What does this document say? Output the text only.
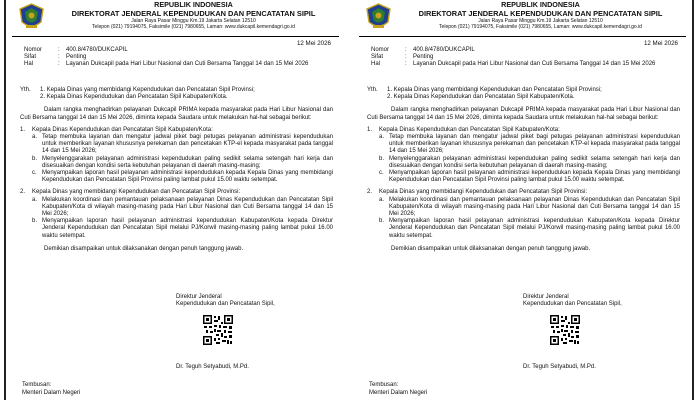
REPUBLIK INDONESIA
DIREKTORAT JENDERAL KEPENDUDUKAN DAN PENCATATAN SIPIL
Jalan Raya Pasar Minggu Km.19 Jakarta Selatan 12510
Telepon (021) 79194075, Faksimile (021) 7980655, Laman: www.dukcapil.kemendagri.go.id
12 Mei 2026
Nomor	:	400.8/4780/DUKCAPIL
Sifat	:	Penting
Hal	:	Layanan Dukcapil pada Hari Libur Nasional dan Cuti Bersama Tanggal 14 dan 15 Mei 2026
Yth.	1. Kepala Dinas yang membidangi Kependudukan dan Pencatatan Sipil Provinsi;
2. Kepala Dinas Kependudukan dan Pencatatan Sipil Kabupaten/Kota.
Dalam rangka menghadirkan pelayanan Dukcapil PRIMA kepada masyarakat pada Hari Libur Nasional dan Cuti Bersama tanggal 14 dan 15 Mei 2026, diminta kepada Saudara untuk melakukan hal-hal sebagai berikut:
1.	Kepala Dinas Kependudukan dan Pencatatan Sipil Kabupaten/Kota:
a. Tetap membuka layanan dan mengatur jadwal piket bagi petugas pelayanan administrasi kependudukan untuk memberikan layanan khususnya perekaman dan pencetakan KTP-el kepada masyarakat pada tanggal 14 dan 15 Mei 2026;
b. Menyelenggarakan pelayanan administrasi kependudukan paling sedikit selama setengah hari kerja dan disesuaikan dengan kondisi serta kebutuhan pelayanan di daerah masing-masing;
c. Menyampaikan laporan hasil pelayanan administrasi kependudukan kepada Kepala Dinas yang membidangi Kependudukan dan Pencatatan Sipil Provinsi paling lambat pukul 15.00 waktu setempat.
2.	Kepala Dinas yang membidangi Kependudukan dan Pencatatan Sipil Provinsi:
a. Melakukan koordinasi dan pemantauan pelaksanaan pelayanan Dinas Kependudukan dan Pencatatan Sipil Kabupaten/Kota di wilayah masing-masing pada Hari Libur Nasional dan Cuti Bersama tanggal 14 dan 15 Mei 2026;
b. Menyampaikan laporan hasil pelayanan administrasi kependudukan Kabupaten/Kota kepada Direktur Jenderal Kependudukan dan Pencatatan Sipil melalui PJ/Korwil masing-masing paling lambat pukul 16.00 waktu setempat.
Demikian disampaikan untuk dilaksanakan dengan penuh tanggung jawab.
Direktur Jenderal
Kependudukan dan Pencatatan Sipil,
Dr. Teguh Setyabudi, M.Pd.
Tembusan:
Menteri Dalam Negeri
REPUBLIK INDONESIA
DIREKTORAT JENDERAL KEPENDUDUKAN DAN PENCATATAN SIPIL
Jalan Raya Pasar Minggu Km.19 Jakarta Selatan 12510
Telepon (021) 79194075, Faksimile (021) 7980655, Laman: www.dukcapil.kemendagri.go.id
12 Mei 2026
Nomor	:	400.8/4780/DUKCAPIL
Sifat	:	Penting
Hal	:	Layanan Dukcapil pada Hari Libur Nasional dan Cuti Bersama Tanggal 14 dan 15 Mei 2026
Yth.	1. Kepala Dinas yang membidangi Kependudukan dan Pencatatan Sipil Provinsi;
2. Kepala Dinas Kependudukan dan Pencatatan Sipil Kabupaten/Kota.
Dalam rangka menghadirkan pelayanan Dukcapil PRIMA kepada masyarakat pada Hari Libur Nasional dan Cuti Bersama tanggal 14 dan 15 Mei 2026, diminta kepada Saudara untuk melakukan hal-hal sebagai berikut:
1.	Kepala Dinas Kependudukan dan Pencatatan Sipil Kabupaten/Kota:
a. Tetap membuka layanan dan mengatur jadwal piket bagi petugas pelayanan administrasi kependudukan untuk memberikan layanan khususnya perekaman dan pencetakan KTP-el kepada masyarakat pada tanggal 14 dan 15 Mei 2026;
b. Menyelenggarakan pelayanan administrasi kependudukan paling sedikit selama setengah hari kerja dan disesuaikan dengan kondisi serta kebutuhan pelayanan di daerah masing-masing;
c. Menyampaikan laporan hasil pelayanan administrasi kependudukan kepada Kepala Dinas yang membidangi Kependudukan dan Pencatatan Sipil Provinsi paling lambat pukul 15.00 waktu setempat.
2.	Kepala Dinas yang membidangi Kependudukan dan Pencatatan Sipil Provinsi:
a. Melakukan koordinasi dan pemantauan pelaksanaan pelayanan Dinas Kependudukan dan Pencatatan Sipil Kabupaten/Kota di wilayah masing-masing pada Hari Libur Nasional dan Cuti Bersama tanggal 14 dan 15 Mei 2026;
b. Menyampaikan laporan hasil pelayanan administrasi kependudukan Kabupaten/Kota kepada Direktur Jenderal Kependudukan dan Pencatatan Sipil melalui PJ/Korwil masing-masing paling lambat pukul 16.00 waktu setempat.
Demikian disampaikan untuk dilaksanakan dengan penuh tanggung jawab.
Direktur Jenderal
Kependudukan dan Pencatatan Sipil,
Dr. Teguh Setyabudi, M.Pd.
Tembusan:
Menteri Dalam Negeri
